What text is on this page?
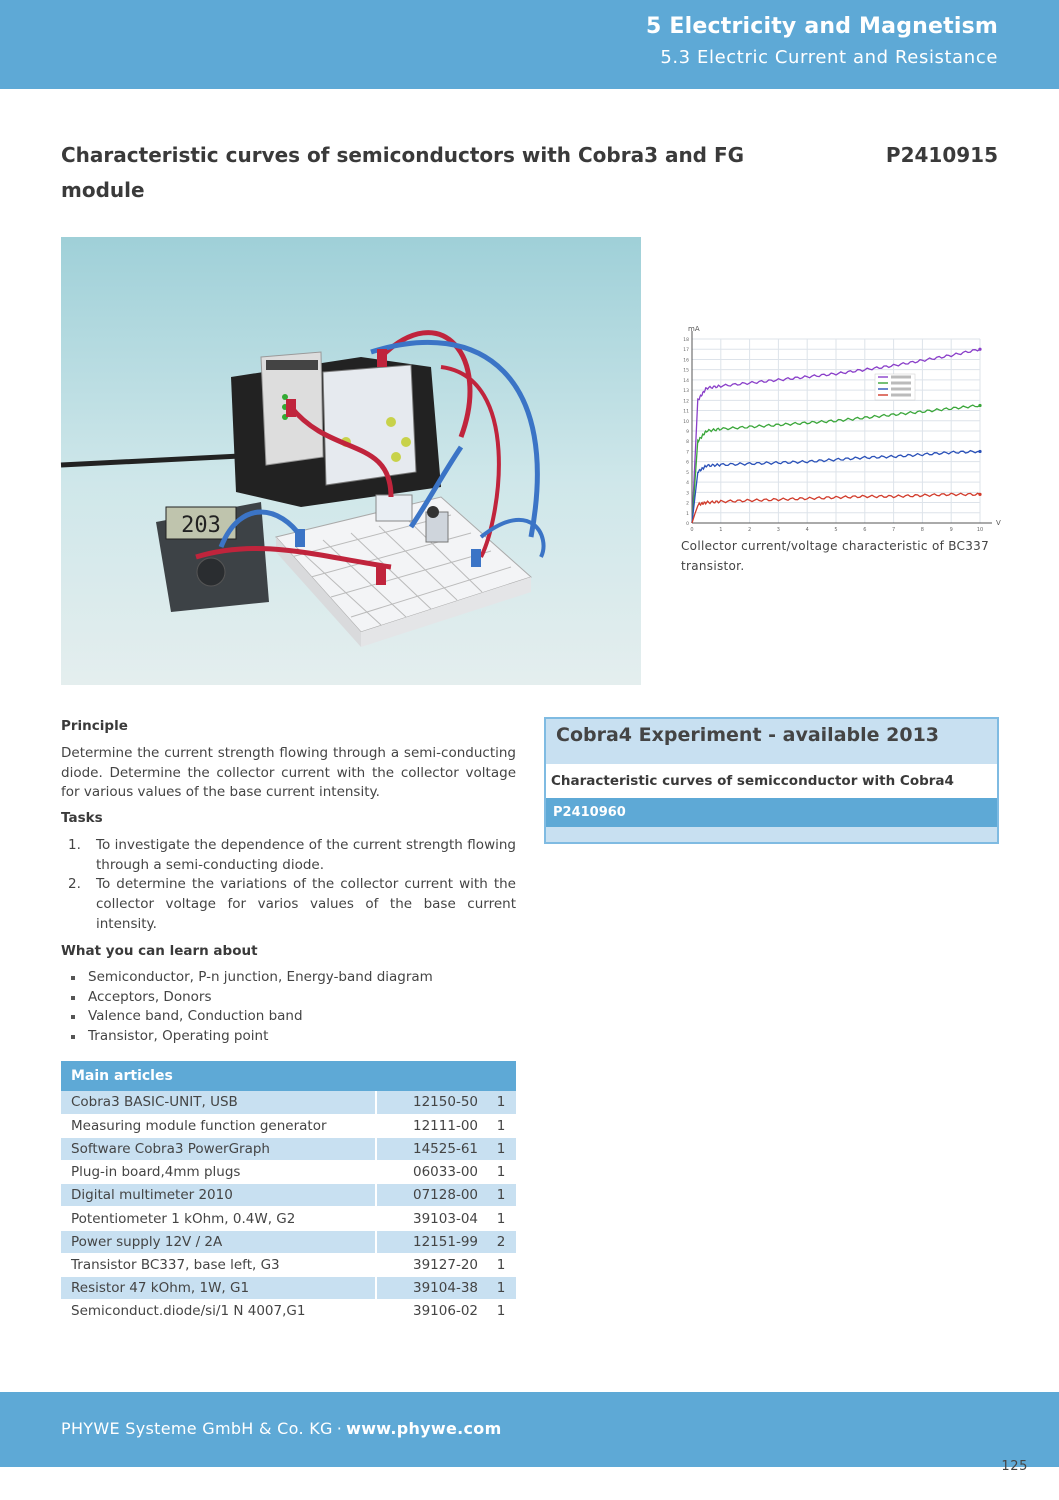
5 Electricity and Magnetism
5.3 Electric Current and Resistance
Characteristic curves of semiconductors with Cobra3 and FG module
P2410915
203	V
mA
0	1	2	3	4	5	6	7	8	9	10
0
1
2
3
4
5
6
7
8
9
10
11
12
13
14
15
16
17
18
Collector current/voltage characteristic of BC337 transistor.
Principle
Determine the current strength flowing through a semi-conducting diode. Determine the collector current with the collector voltage for various values of the base current intensity.
Tasks
1. To investigate the dependence of the current strength flowing through a semi-conducting diode.
2. To determine the variations of the collector current with the collector voltage for varios values of the base current intensity.
What you can learn about
Semiconductor, P-n junction, Energy-band diagram
Acceptors, Donors
Valence band, Conduction band
Transistor, Operating point
Main articles		
Cobra3 BASIC-UNIT, USB	12150-50	1
Measuring module function generator	12111-00	1
Software Cobra3 PowerGraph	14525-61	1
Plug-in board,4mm plugs	06033-00	1
Digital multimeter 2010	07128-00	1
Potentiometer 1 kOhm, 0.4W, G2	39103-04	1
Power supply 12V / 2A	12151-99	2
Transistor BC337, base left, G3	39127-20	1
Resistor 47 kOhm, 1W, G1	39104-38	1
Semiconduct.diode/si/1 N 4007,G1	39106-02	1
Cobra4 Experiment - available 2013
Characteristic curves of semicconductor with Cobra4
P2410960
PHYWE Systeme GmbH & Co. KG · www.phywe.com
125
